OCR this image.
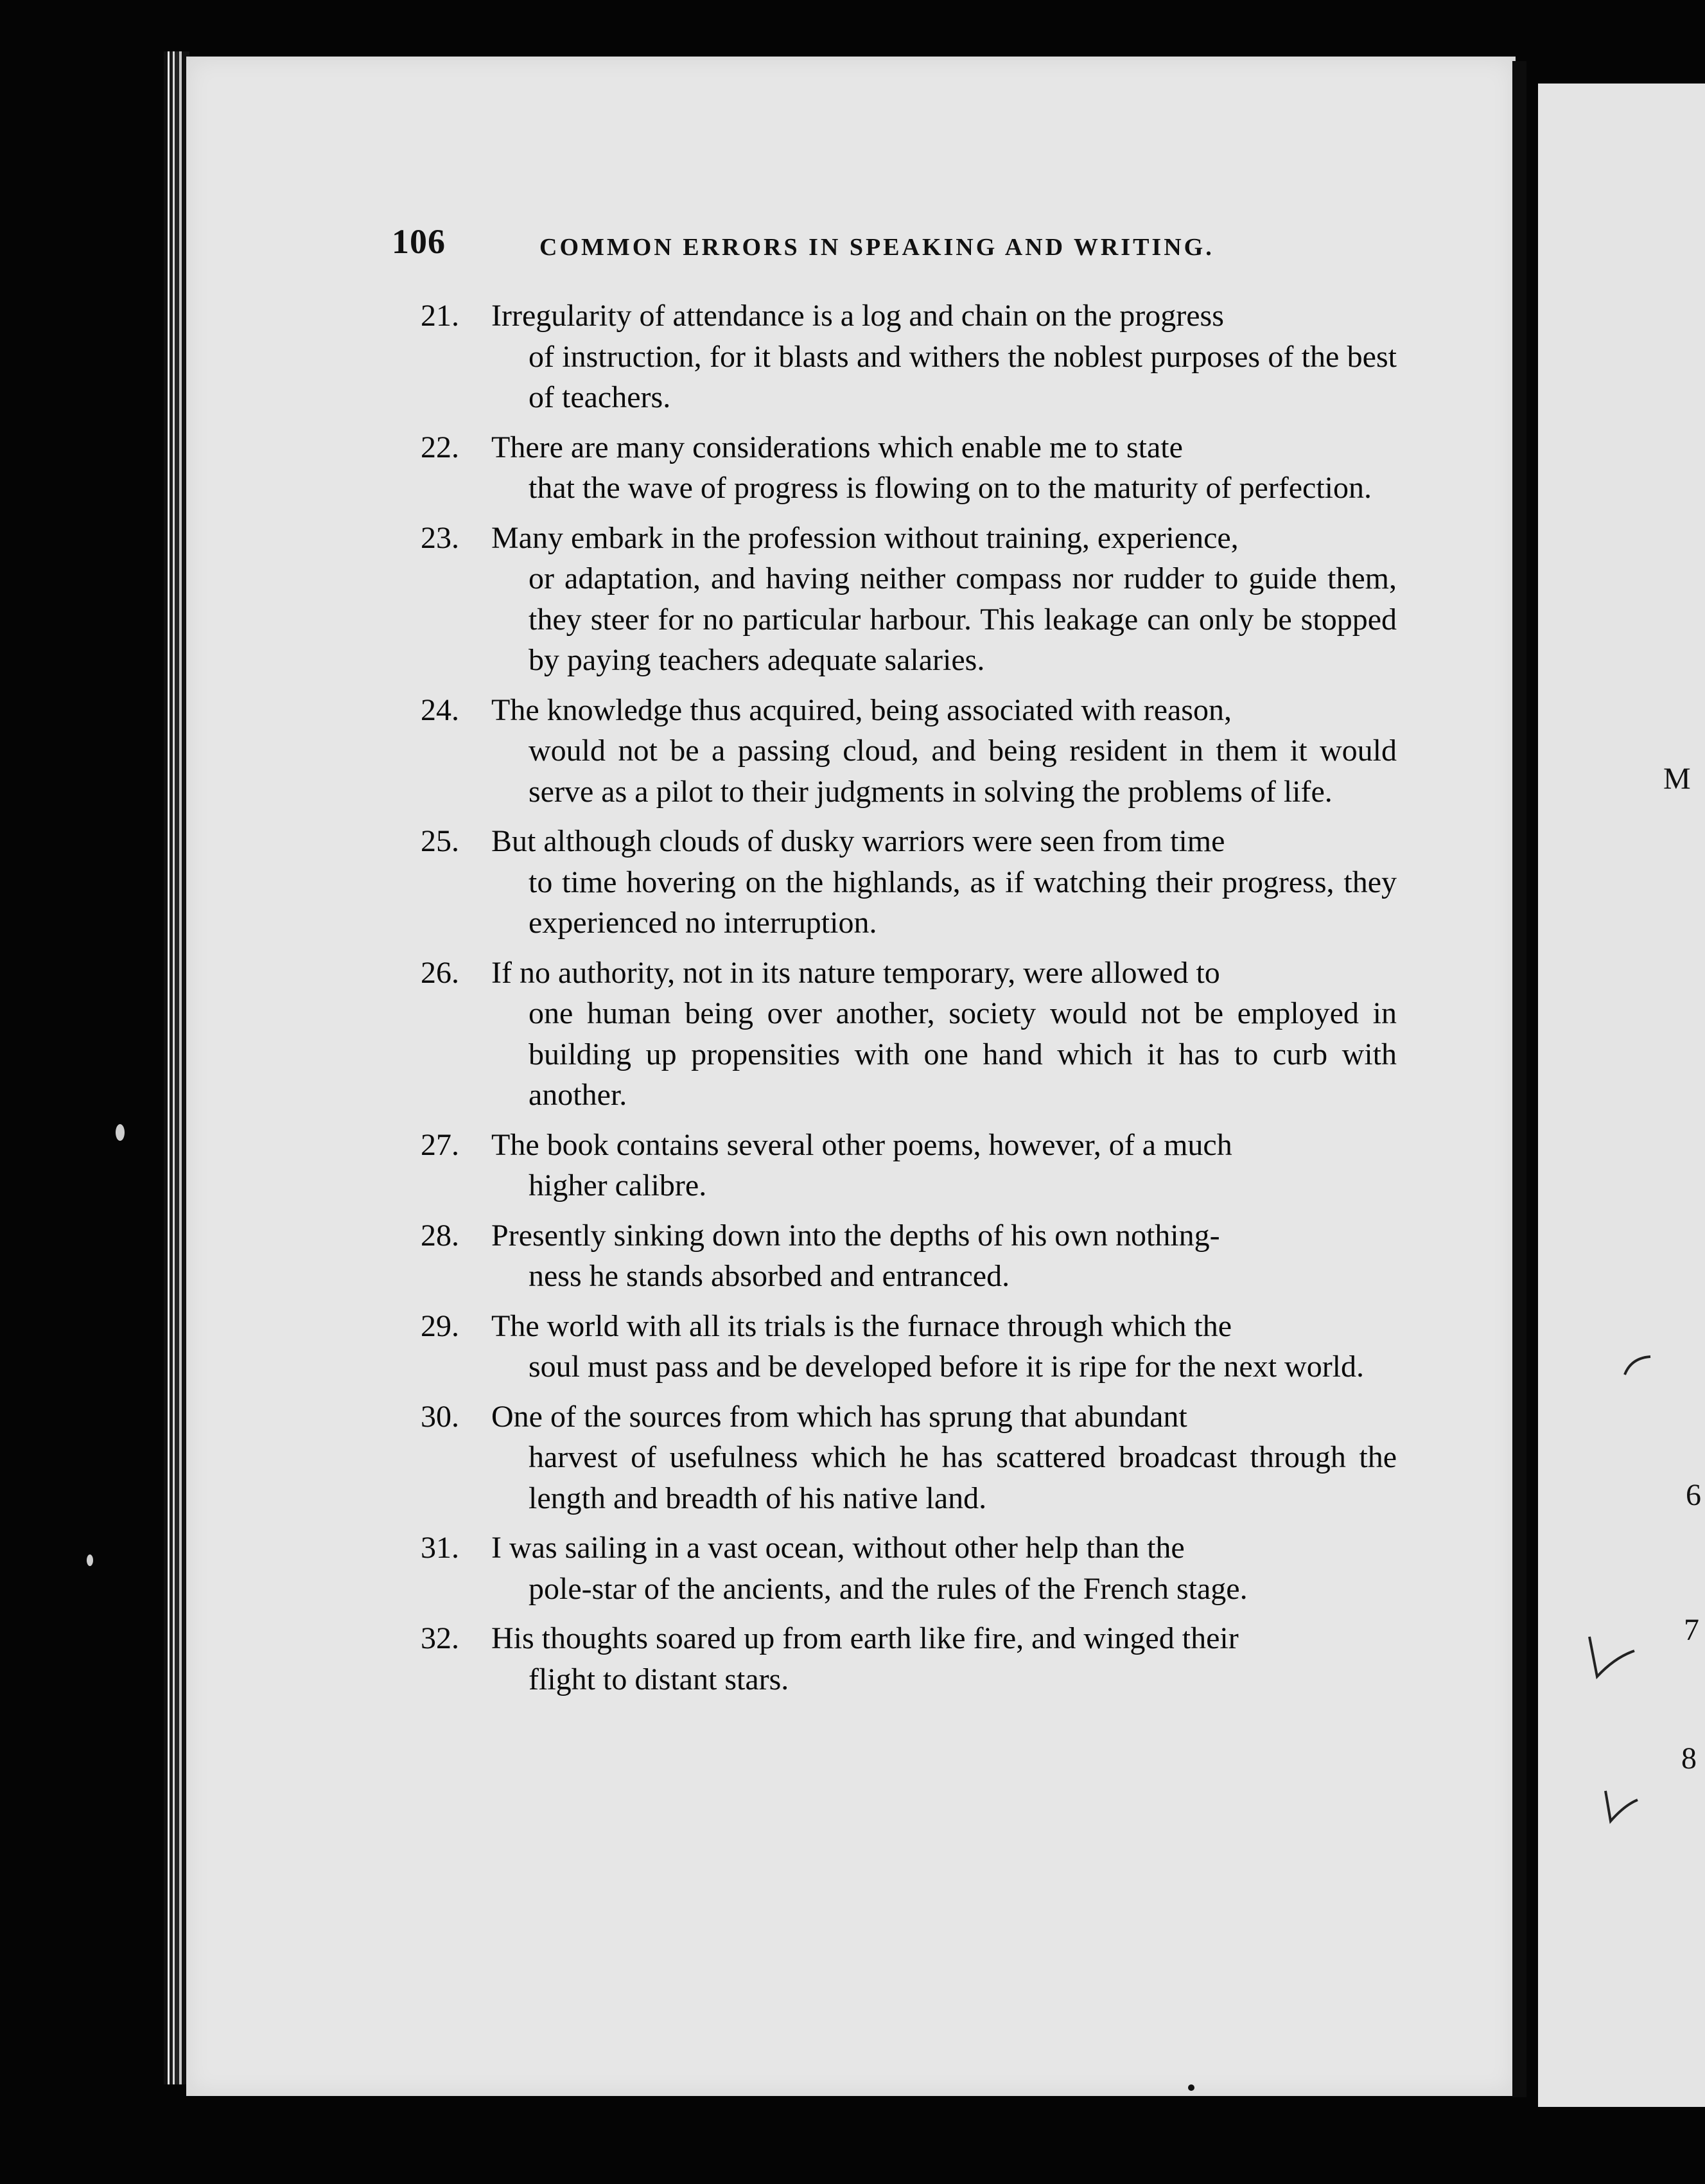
106	COMMON ERRORS IN SPEAKING AND WRITING.
21.	Irregularity of attendance is a log and chain on the progress
of instruction, for it blasts and withers the noblest purposes of the best of teachers.
22.	There are many considerations which enable me to state
that the wave of progress is flowing on to the maturity of perfection.
23.	Many embark in the profession without training, experience,
or adaptation, and having neither compass nor rudder to guide them, they steer for no particular harbour. This leakage can only be stopped by paying teachers adequate salaries.
24.	The knowledge thus acquired, being associated with reason,
would not be a passing cloud, and being resident in them it would serve as a pilot to their judgments in solving the problems of life.
25.	But although clouds of dusky warriors were seen from time
to time hovering on the highlands, as if watching their progress, they experienced no interruption.
26.	If no authority, not in its nature temporary, were allowed to
one human being over another, society would not be employed in building up propensities with one hand which it has to curb with another.
27.	The book contains several other poems, however, of a much
higher calibre.
28.	Presently sinking down into the depths of his own nothing-
ness he stands absorbed and entranced.
29.	The world with all its trials is the furnace through which the
soul must pass and be developed before it is ripe for the next world.
30.	One of the sources from which has sprung that abundant
harvest of usefulness which he has scattered broadcast through the length and breadth of his native land.
31.	I was sailing in a vast ocean, without other help than the
pole-star of the ancients, and the rules of the French stage.
32.	His thoughts soared up from earth like fire, and winged their
flight to distant stars.
M
6
7
8
